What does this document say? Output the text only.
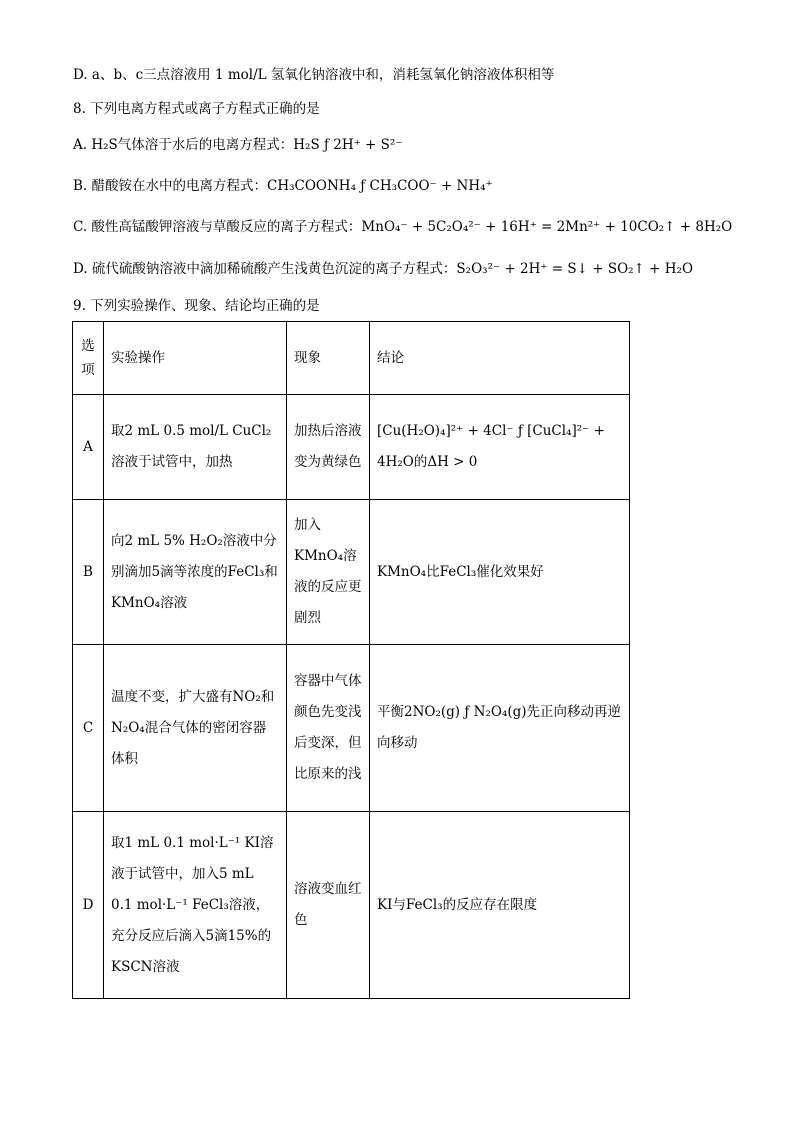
D. a、b、c三点溶液用 1 mol/L 氢氧化钠溶液中和，消耗氢氧化钠溶液体积相等
8. 下列电离方程式或离子方程式正确的是
A. H₂S气体溶于水后的电离方程式：H₂S ƒ 2H⁺ + S²⁻
B. 醋酸铵在水中的电离方程式：CH₃COONH₄ ƒ CH₃COO⁻ + NH₄⁺
C. 酸性高锰酸钾溶液与草酸反应的离子方程式：MnO₄⁻ + 5C₂O₄²⁻ + 16H⁺ = 2Mn²⁺ + 10CO₂↑ + 8H₂O
D. 硫代硫酸钠溶液中滴加稀硫酸产生浅黄色沉淀的离子方程式：S₂O₃²⁻ + 2H⁺ = S↓ + SO₂↑ + H₂O
9. 下列实验操作、现象、结论均正确的是
选项	实验操作	现象	结论
A	取2 mL 0.5 mol/L CuCl₂溶液于试管中，加热	加热后溶液变为黄绿色	[Cu(H₂O)₄]²⁺ + 4Cl⁻ ƒ [CuCl₄]²⁻ + 4H₂O的ΔH > 0
B	向2 mL 5% H₂O₂溶液中分别滴加5滴等浓度的FeCl₃和KMnO₄溶液	加入KMnO₄溶液的反应更剧烈	KMnO₄比FeCl₃催化效果好
C	温度不变，扩大盛有NO₂和N₂O₄混合气体的密闭容器体积	容器中气体颜色先变浅后变深，但比原来的浅	平衡2NO₂(g) ƒ N₂O₄(g)先正向移动再逆向移动
D	取1 mL 0.1 mol·L⁻¹ KI溶液于试管中，加入5 mL 0.1 mol·L⁻¹ FeCl₃溶液，充分反应后滴入5滴15%的KSCN溶液	溶液变血红色	KI与FeCl₃的反应存在限度
